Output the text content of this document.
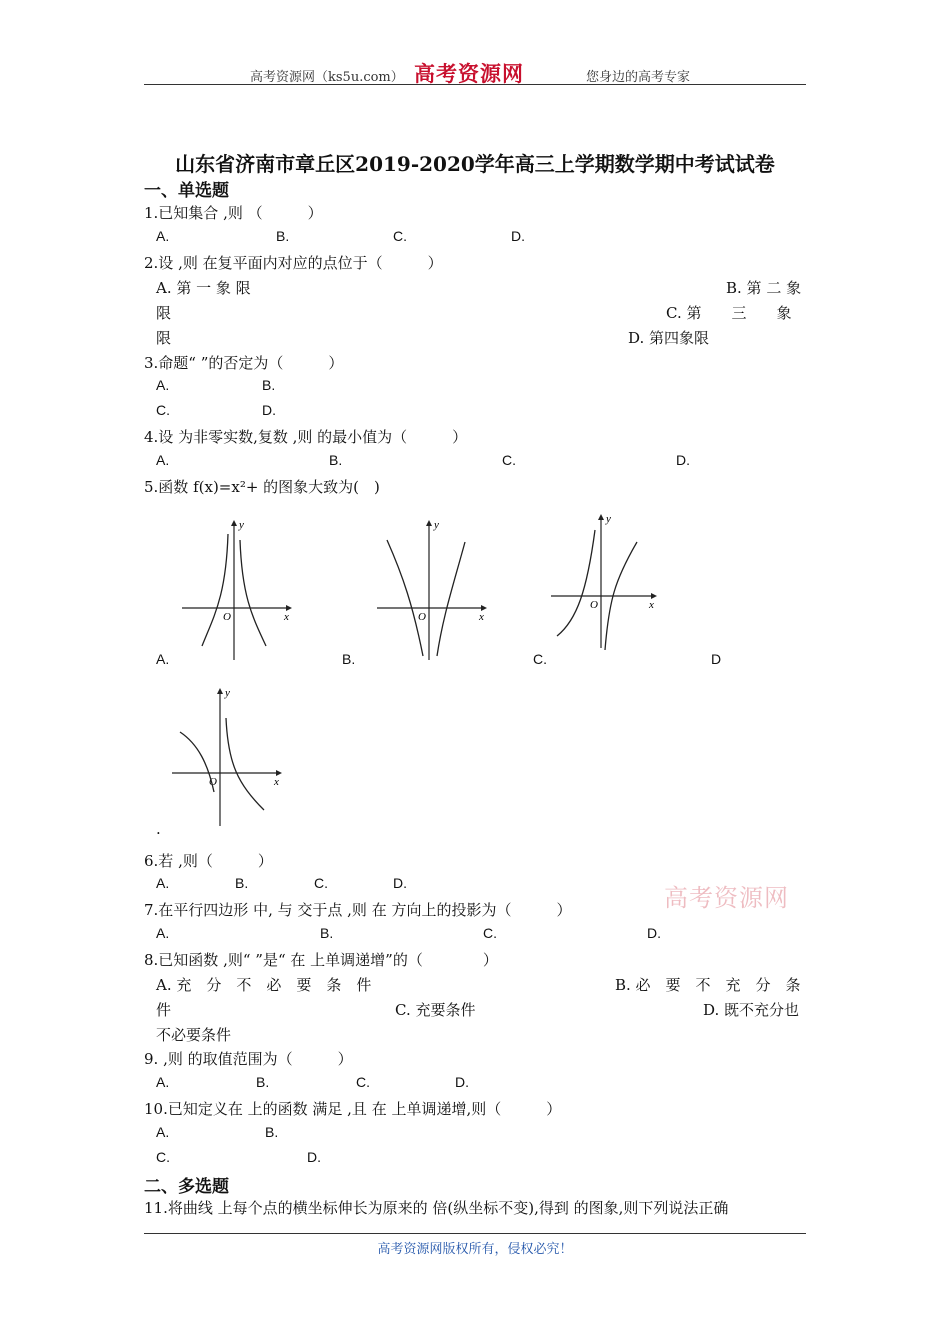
高考资源网（ks5u.com） 高考资源网	您身边的高考专家
高考资源网
山东省济南市章丘区2019-2020学年高三上学期数学期中考试试卷
一、单选题
1.已知集合 ,则 （　　　）
A.	B.	C.	D.
2.设 ,则 在复平面内对应的点位于（　　　）
A. 第 一 象 限	B. 第 二 象
限	C. 第　　三　　象
限	D. 第四象限
3.命题“ ”的否定为（　　　）
A.	B.
C.	D.
4.设 为非零实数,复数 ,则 的最小值为（　　　）
A.	B.	C.	D.
5.函数 f(x)=x²+ 的图象大致为(　)
x
y
O	x
y
O
x
y
O
A.	B.	C.	D
x
y
O
.
6.若 ,则（　　　）
A.	B.	C.	D.
7.在平行四边形 中, 与 交于点 ,则 在 方向上的投影为（　　　）
A.	B.	C.	D.
8.已知函数 ,则“ ”是“ 在 上单调递增”的（　　　　）
A. 充　分　不　必　要　条　件	B. 必　要　不　充　分　条
件	C. 充要条件	D. 既不充分也
不必要条件
9. ,则 的取值范围为（　　　）
A.	B.	C.	D.
10.已知定义在 上的函数 满足 ,且 在 上单调递增,则（　　　）
A.	B.
C.	D.
二、多选题
11.将曲线 上每个点的横坐标伸长为原来的 倍(纵坐标不变),得到 的图象,则下列说法正确
高考资源网版权所有，侵权必究！
